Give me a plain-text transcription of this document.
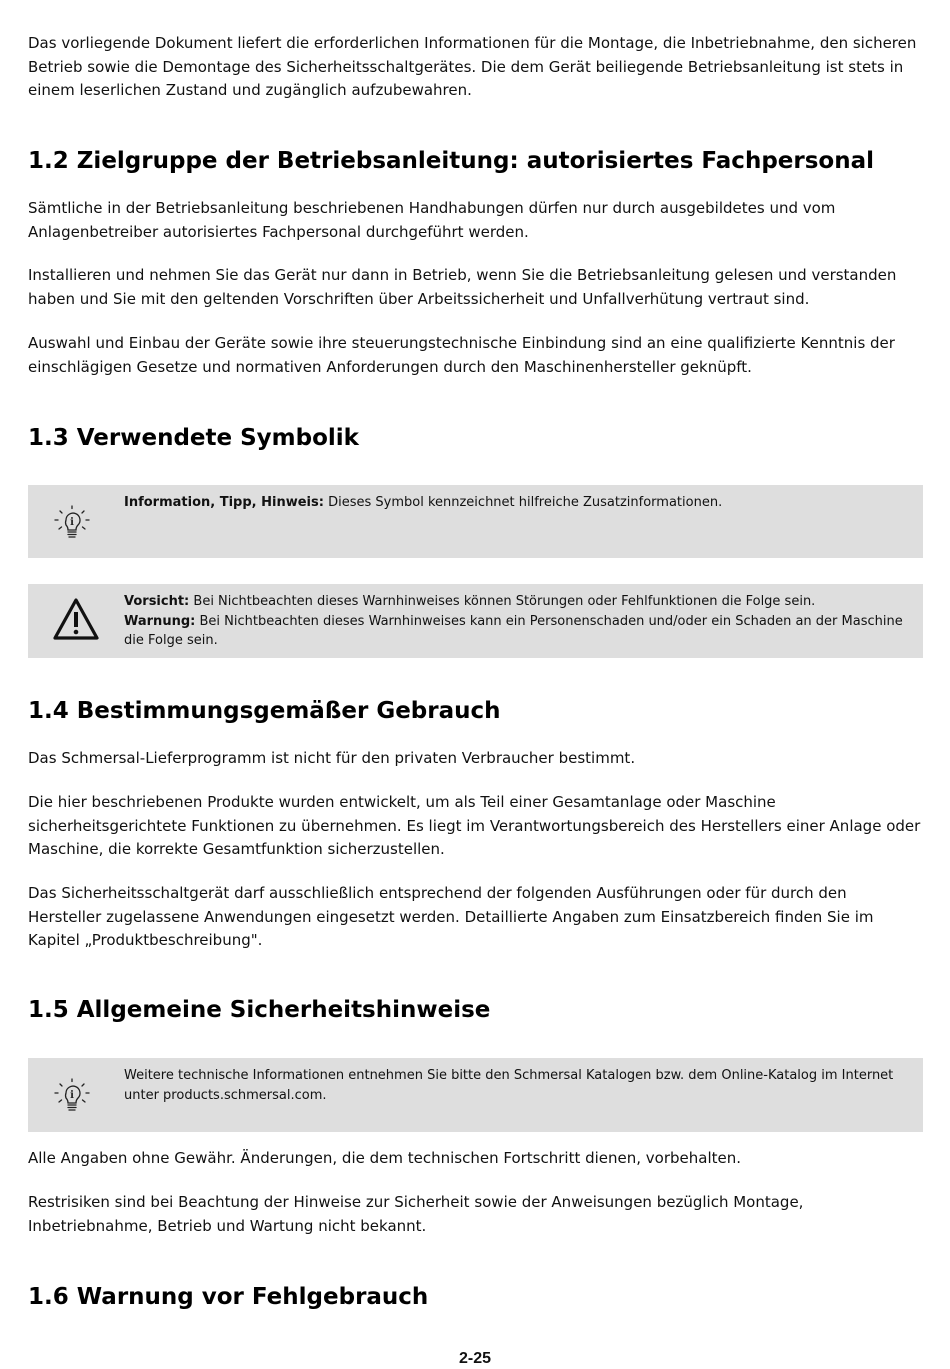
Das vorliegende Dokument liefert die erforderlichen Informationen für die Montage, die Inbetriebnahme, den sicheren Betrieb sowie die Demontage des Sicherheitsschaltgerätes. Die dem Gerät beiliegende Betriebsanleitung ist stets in einem leserlichen Zustand und zugänglich aufzubewahren.

1.2 Zielgruppe der Betriebsanleitung: autorisiertes Fachpersonal

Sämtliche in der Betriebsanleitung beschriebenen Handhabungen dürfen nur durch ausgebildetes und vom Anlagenbetreiber autorisiertes Fachpersonal durchgeführt werden.

Installieren und nehmen Sie das Gerät nur dann in Betrieb, wenn Sie die Betriebsanleitung gelesen und verstanden haben und Sie mit den geltenden Vorschriften über Arbeitssicherheit und Unfallverhütung vertraut sind.

Auswahl und Einbau der Geräte sowie ihre steuerungstechnische Einbindung sind an eine qualifizierte Kenntnis der einschlägigen Gesetze und normativen Anforderungen durch den Maschinenhersteller geknüpft.

1.3 Verwendete Symbolik
i
Information, Tipp, Hinweis: Dieses Symbol kennzeichnet hilfreiche Zusatzinformationen.
Vorsicht: Bei Nichtbeachten dieses Warnhinweises können Störungen oder Fehlfunktionen die Folge sein.
Warnung: Bei Nichtbeachten dieses Warnhinweises kann ein Personenschaden und/oder ein Schaden an der Maschine die Folge sein.
1.4 Bestimmungsgemäßer Gebrauch

Das Schmersal-Lieferprogramm ist nicht für den privaten Verbraucher bestimmt.

Die hier beschriebenen Produkte wurden entwickelt, um als Teil einer Gesamtanlage oder Maschine sicherheitsgerichtete Funktionen zu übernehmen. Es liegt im Verantwortungsbereich des Herstellers einer Anlage oder Maschine, die korrekte Gesamtfunktion sicherzustellen.

Das Sicherheitsschaltgerät darf ausschließlich entsprechend der folgenden Ausführungen oder für durch den Hersteller zugelassene Anwendungen eingesetzt werden. Detaillierte Angaben zum Einsatzbereich finden Sie im Kapitel „Produktbeschreibung".

1.5 Allgemeine Sicherheitshinweise
i
Weitere technische Informationen entnehmen Sie bitte den Schmersal Katalogen bzw. dem Online-Katalog im Internet unter products.schmersal.com.

Alle Angaben ohne Gewähr. Änderungen, die dem technischen Fortschritt dienen, vorbehalten.

Restrisiken sind bei Beachtung der Hinweise zur Sicherheit sowie der Anweisungen bezüglich Montage, Inbetriebnahme, Betrieb und Wartung nicht bekannt.

1.6 Warnung vor Fehlgebrauch
2-25
